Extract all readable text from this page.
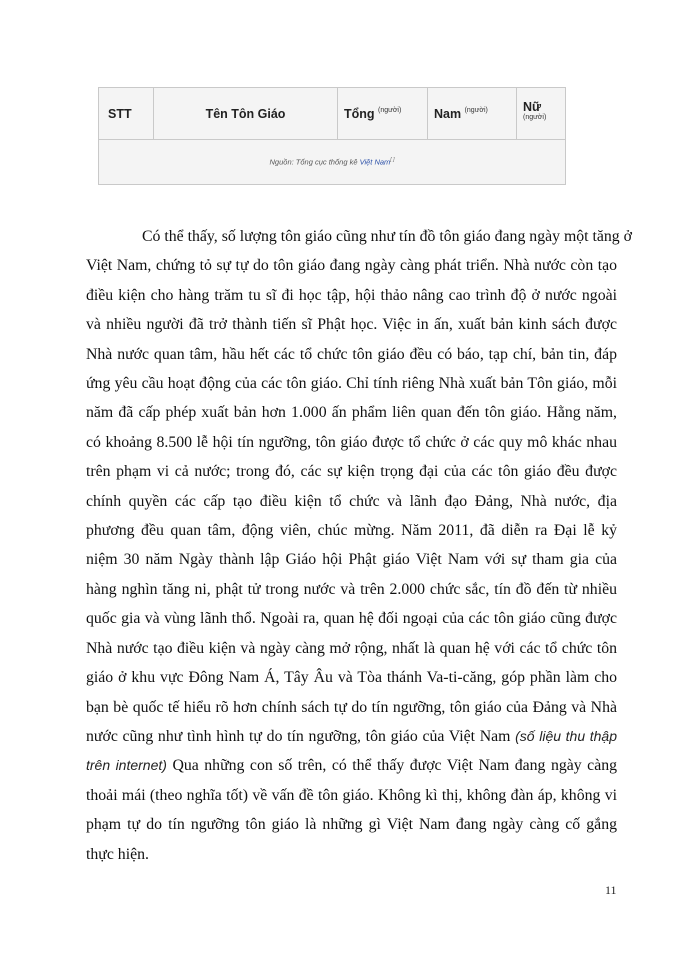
STT	Tên Tôn Giáo	Tổng $^{(người)}$	Nam $^{(người)}$	Nữ $^{(người)}$
Nguồn: Tổng cục thống kê Việt Nam[ ]
Có thể thấy, số lượng tôn giáo cũng như tín đồ tôn giáo đang ngày một tăng ở
Việt Nam, chứng tỏ sự tự do tôn giáo đang ngày càng phát triển. Nhà nước còn tạo
điều kiện cho hàng trăm tu sĩ đi học tập, hội thảo nâng cao trình độ ở nước ngoài
và nhiều người đã trở thành tiến sĩ Phật học. Việc in ấn, xuất bản kinh sách được
Nhà nước quan tâm, hầu hết các tổ chức tôn giáo đều có báo, tạp chí, bản tin, đáp
ứng yêu cầu hoạt động của các tôn giáo. Chỉ tính riêng Nhà xuất bản Tôn giáo, mỗi
năm đã cấp phép xuất bản hơn 1.000 ấn phẩm liên quan đến tôn giáo. Hằng năm,
có khoảng 8.500 lễ hội tín ngưỡng, tôn giáo được tổ chức ở các quy mô khác nhau
trên phạm vi cả nước; trong đó, các sự kiện trọng đại của các tôn giáo đều được
chính quyền các cấp tạo điều kiện tổ chức và lãnh đạo Đảng, Nhà nước, địa
phương đều quan tâm, động viên, chúc mừng. Năm 2011, đã diễn ra Đại lễ kỷ
niệm 30 năm Ngày thành lập Giáo hội Phật giáo Việt Nam với sự tham gia của
hàng nghìn tăng ni, phật tử trong nước và trên 2.000 chức sắc, tín đồ đến từ nhiều
quốc gia và vùng lãnh thổ. Ngoài ra, quan hệ đối ngoại của các tôn giáo cũng được
Nhà nước tạo điều kiện và ngày càng mở rộng, nhất là quan hệ với các tổ chức tôn
giáo ở khu vực Đông Nam Á, Tây Âu và Tòa thánh Va-ti-căng, góp phần làm cho
bạn bè quốc tế hiểu rõ hơn chính sách tự do tín ngưỡng, tôn giáo của Đảng và Nhà
nước cũng như tình hình tự do tín ngưỡng, tôn giáo của Việt Nam (số liệu thu thập
trên internet) Qua những con số trên, có thể thấy được Việt Nam đang ngày càng
thoải mái (theo nghĩa tốt) về vấn đề tôn giáo. Không kì thị, không đàn áp, không vi
phạm tự do tín ngưỡng tôn giáo là những gì Việt Nam đang ngày càng cố gắng
thực hiện.
11
